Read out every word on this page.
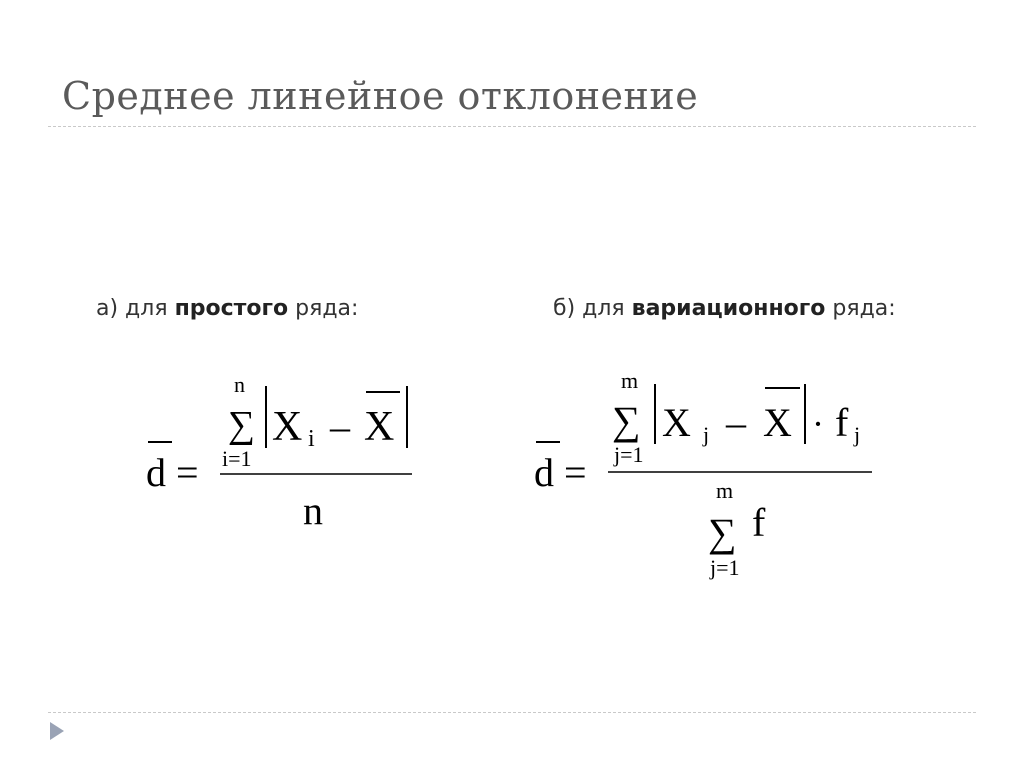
Среднее линейное отклонение
а) для простого ряда:	б) для вариационного ряда:
d =
n
∑
i=1
X i – X
n
d =
m
∑
j=1
X j – X · f j
m
∑
j=1
f
